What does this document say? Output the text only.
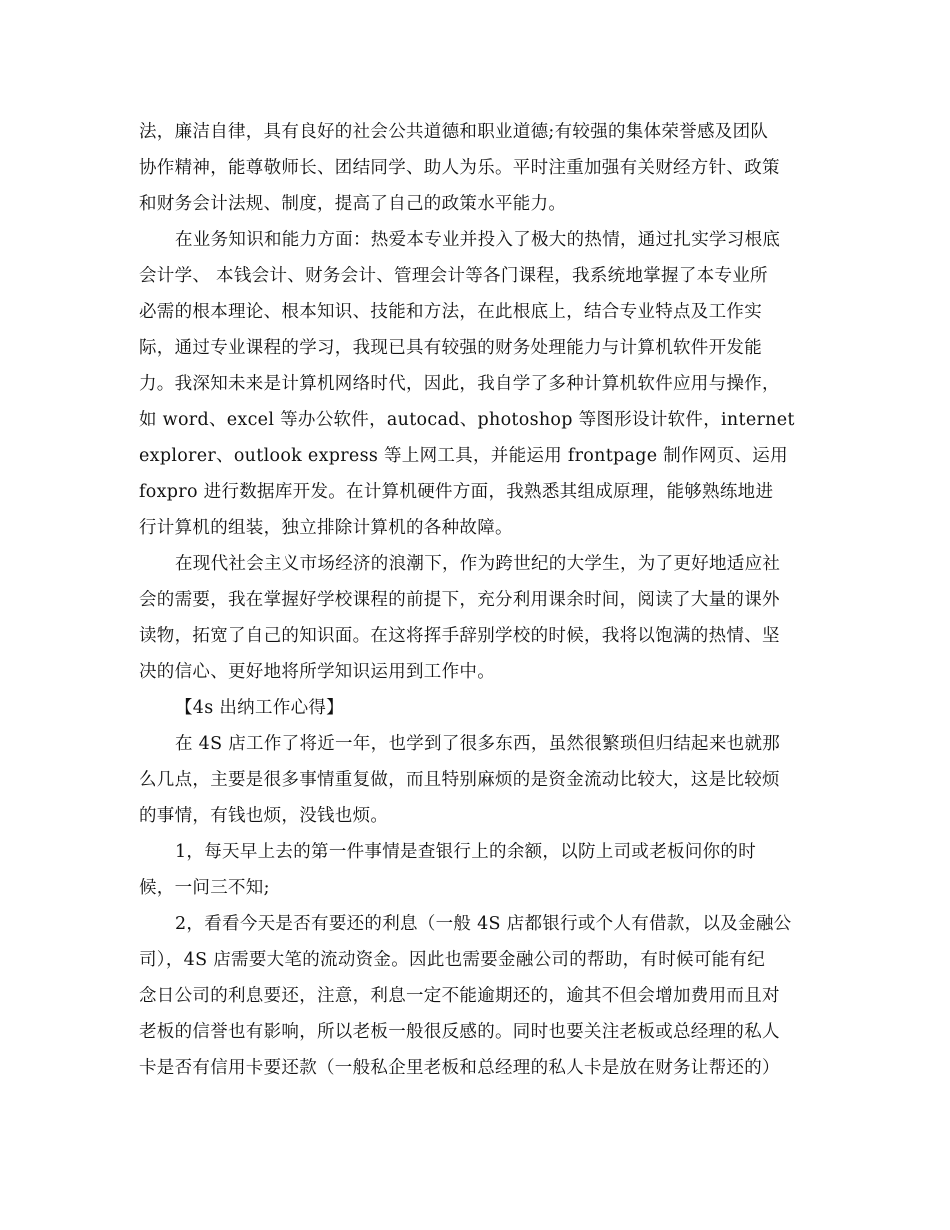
法，廉洁自律，具有良好的社会公共道德和职业道德;有较强的集体荣誉感及团队
协作精神，能尊敬师长、团结同学、助人为乐。平时注重加强有关财经方针、政策
和财务会计法规、制度，提高了自己的政策水平能力。
在业务知识和能力方面：热爱本专业并投入了极大的热情，通过扎实学习根底
会计学、 本钱会计、财务会计、管理会计等各门课程，我系统地掌握了本专业所
必需的根本理论、根本知识、技能和方法，在此根底上，结合专业特点及工作实
际，通过专业课程的学习，我现已具有较强的财务处理能力与计算机软件开发能
力。我深知未来是计算机网络时代，因此，我自学了多种计算机软件应用与操作，
如 word、excel 等办公软件，autocad、photoshop 等图形设计软件，internet
explorer、outlook express 等上网工具，并能运用 frontpage 制作网页、运用
foxpro 进行数据库开发。在计算机硬件方面，我熟悉其组成原理，能够熟练地进
行计算机的组装，独立排除计算机的各种故障。
在现代社会主义市场经济的浪潮下，作为跨世纪的大学生，为了更好地适应社
会的需要，我在掌握好学校课程的前提下，充分利用课余时间，阅读了大量的课外
读物，拓宽了自己的知识面。在这将挥手辞别学校的时候，我将以饱满的热情、坚
决的信心、更好地将所学知识运用到工作中。
【4s 出纳工作心得】
在 4S 店工作了将近一年，也学到了很多东西，虽然很繁琐但归结起来也就那
么几点，主要是很多事情重复做，而且特别麻烦的是资金流动比较大，这是比较烦
的事情，有钱也烦，没钱也烦。
1，每天早上去的第一件事情是查银行上的余额，以防上司或老板问你的时
候，一问三不知;
2，看看今天是否有要还的利息（一般 4S 店都银行或个人有借款，以及金融公
司），4S 店需要大笔的流动资金。因此也需要金融公司的帮助，有时候可能有纪
念日公司的利息要还，注意，利息一定不能逾期还的，逾其不但会增加费用而且对
老板的信誉也有影响，所以老板一般很反感的。同时也要关注老板或总经理的私人
卡是否有信用卡要还款（一般私企里老板和总经理的私人卡是放在财务让帮还的）
